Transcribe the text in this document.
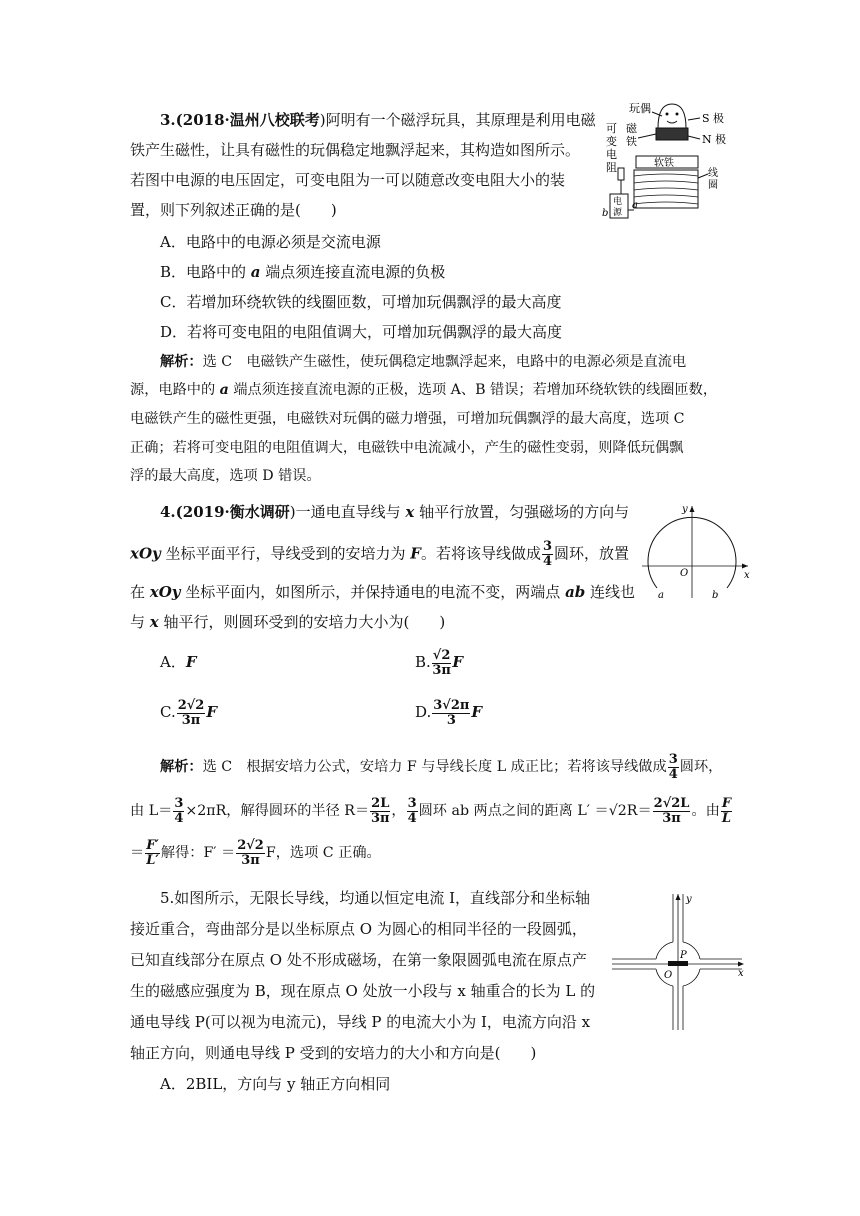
3.(2018·温州八校联考)阿明有一个磁浮玩具，其原理是利用电磁
铁产生磁性，让具有磁性的玩偶稳定地飘浮起来，其构造如图所示。
若图中电源的电压固定，可变电阻为一可以随意改变电阻大小的装
置，则下列叙述正确的是(　　)
A．电路中的电源必须是交流电源
B．电路中的 a 端点须连接直流电源的负极
C．若增加环绕软铁的线圈匝数，可增加玩偶飘浮的最大高度
D．若将可变电阻的电阻值调大，可增加玩偶飘浮的最大高度
解析：选 C　电磁铁产生磁性，使玩偶稳定地飘浮起来，电路中的电源必须是直流电
源，电路中的 a 端点须连接直流电源的正极，选项 A、B 错误；若增加环绕软铁的线圈匝数，
电磁铁产生的磁性更强，电磁铁对玩偶的磁力增强，可增加玩偶飘浮的最大高度，选项 C
正确；若将可变电阻的电阻值调大，电磁铁中电流减小，产生的磁性变弱，则降低玩偶飘
浮的最大高度，选项 D 错误。
S 极
N 极
玩偶
磁
铁
可
变
电
阻	软铁
线
圈
电
源
a
b
4.(2019·衡水调研)一通电直导线与 x 轴平行放置，匀强磁场的方向与
xOy 坐标平面平行，导线受到的安培力为 F。若将该导线做成 $\frac{3}{4}$ 圆环，放置
在 xOy 坐标平面内，如图所示，并保持通电的电流不变，两端点 ab 连线也
与 x 轴平行，则圆环受到的安培力大小为(　　)
A．F	B. $\frac{√2}{3\pi}$ F
C. $\frac{2√2}{3\pi}$ F	D. $\frac{3√2\pi}{3}$ F
解析：选 C　根据安培力公式，安培力 F 与导线长度 L 成正比；若将该导线做成 $\frac{3}{4}$ 圆环，
由 $L= \frac{3}{4} \times 2\pi R$，解得圆环的半径 $R= \frac{2L}{3\pi}$ ， $\frac{3}{4}$ 圆环 ab 两点之间的距离 $L' =√2R= \frac{2√2L}{3\pi}$ 。由 $\frac{F}{L}$
＝ $\frac{F'}{L'}$ 解得：$F' = \frac{2√2}{3\pi}$ F，选项 C 正确。
y
x
O
a	b
5.如图所示，无限长导线，均通以恒定电流 I，直线部分和坐标轴
接近重合，弯曲部分是以坐标原点 O 为圆心的相同半径的一段圆弧，
已知直线部分在原点 O 处不形成磁场，在第一象限圆弧电流在原点产
生的磁感应强度为 B，现在原点 O 处放一小段与 x 轴重合的长为 L 的
通电导线 P(可以视为电流元)，导线 P 的电流大小为 I，电流方向沿 x
轴正方向，则通电导线 P 受到的安培力的大小和方向是(　　)
A．2BIL，方向与 y 轴正方向相同
P
O
y
x
